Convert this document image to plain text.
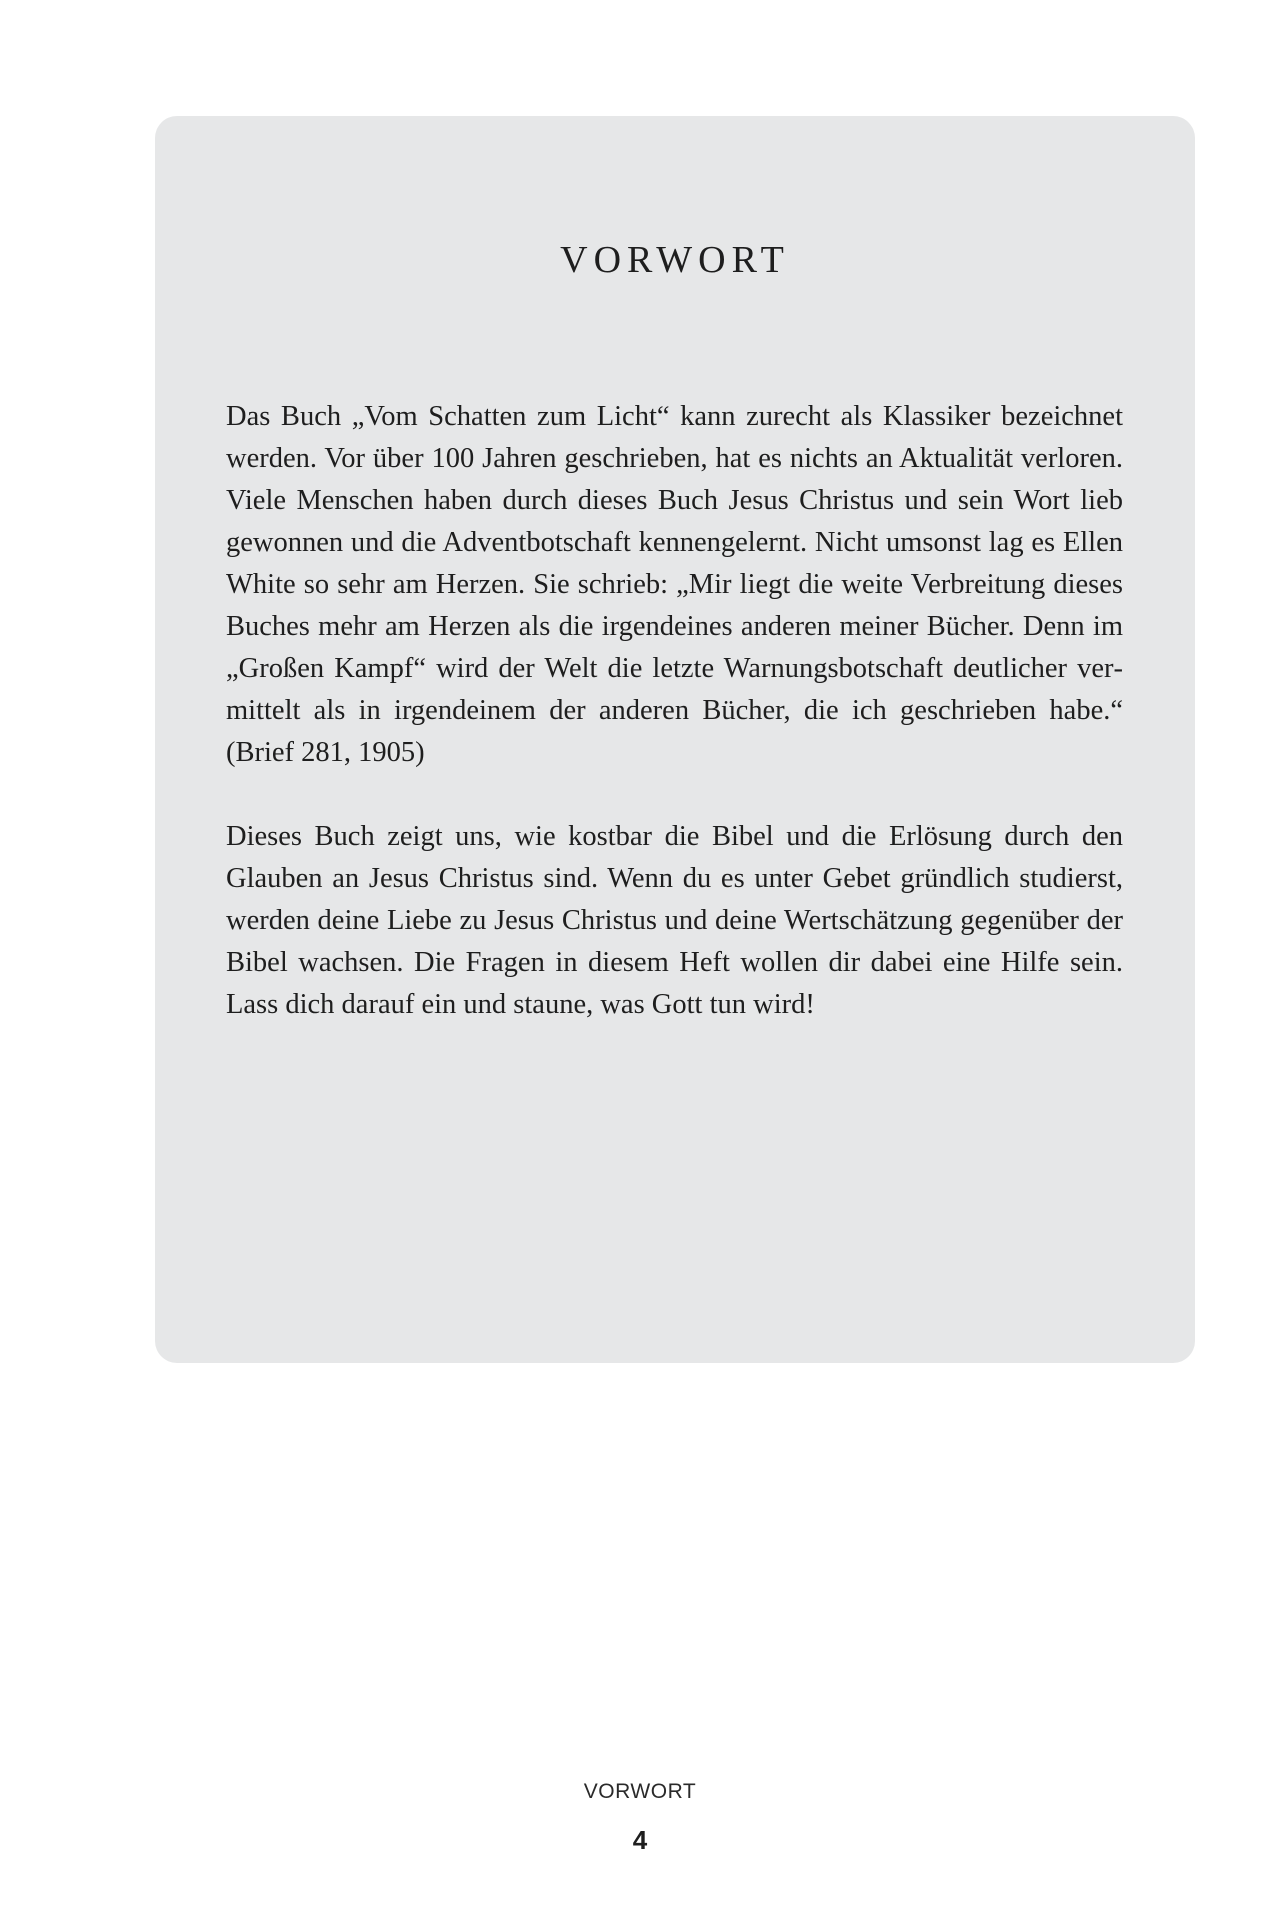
VORWORT

Das Buch „Vom Schatten zum Licht“ kann zurecht als Klassiker bezeichnet werden. Vor über 100 Jahren geschrieben, hat es nichts an Aktualität verloren. Viele Menschen haben durch dieses Buch Jesus Christus und sein Wort lieb gewonnen und die Adventbotschaft kennengelernt. Nicht umsonst lag es Ellen White so sehr am Herzen. Sie schrieb: „Mir liegt die weite Verbreitung dieses Buches mehr am Herzen als die irgendeines anderen meiner Bücher. Denn im „Großen Kampf“ wird der Welt die letzte Warnungsbotschaft deutlicher vermittelt als in irgendeinem der anderen Bücher, die ich geschrieben habe.“ (Brief 281, 1905)

Dieses Buch zeigt uns, wie kostbar die Bibel und die Erlösung durch den Glauben an Jesus Christus sind. Wenn du es unter Gebet gründlich studierst, werden deine Liebe zu Jesus Christus und deine Wertschätzung gegenüber der Bibel wachsen. Die Fragen in diesem Heft wollen dir dabei eine Hilfe sein. Lass dich darauf ein und staune, was Gott tun wird!

VORWORT
4
